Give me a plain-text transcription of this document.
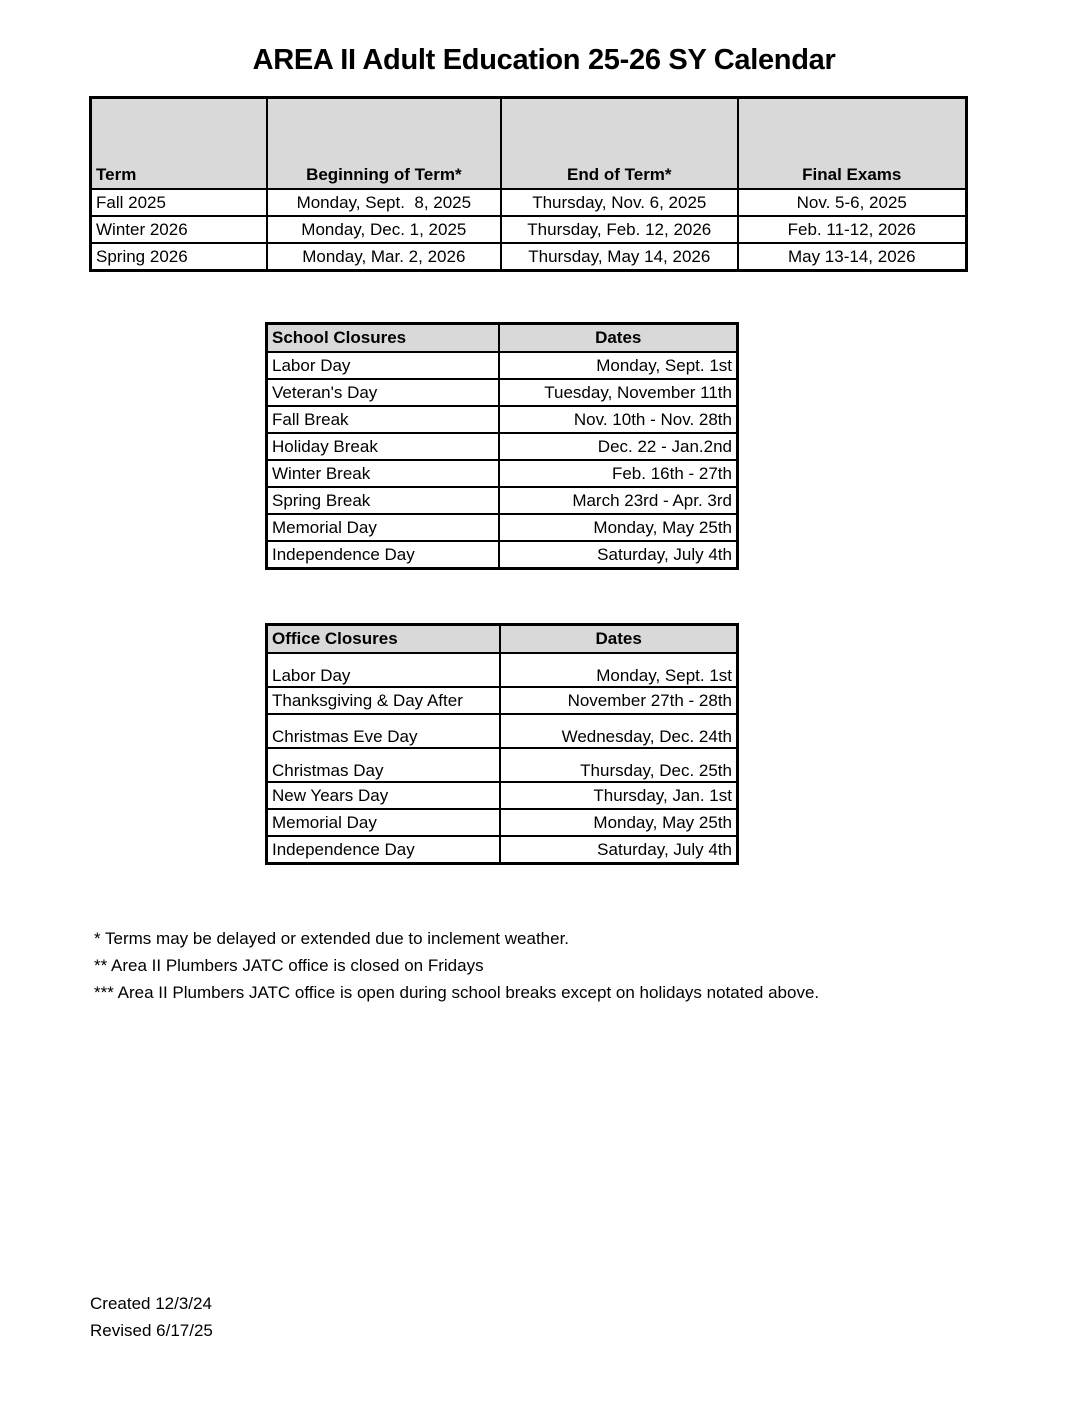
AREA II Adult Education 25-26 SY Calendar
Term	Beginning of Term*	End of Term*	Final Exams
Fall 2025	Monday, Sept.  8, 2025	Thursday, Nov. 6, 2025	Nov. 5-6, 2025
Winter 2026	Monday, Dec. 1, 2025	Thursday, Feb. 12, 2026	Feb. 11-12, 2026
Spring 2026	Monday, Mar. 2, 2026	Thursday, May 14, 2026	May 13-14, 2026
School Closures	Dates
Labor Day	Monday, Sept. 1st
Veteran's Day	Tuesday, November 11th
Fall Break	Nov. 10th - Nov. 28th
Holiday Break	Dec. 22 - Jan.2nd
Winter Break	Feb. 16th - 27th
Spring Break	March 23rd - Apr. 3rd
Memorial Day	Monday, May 25th
Independence Day	Saturday, July 4th
Office Closures	Dates
Labor Day	Monday, Sept. 1st
Thanksgiving & Day After	November 27th - 28th
Christmas Eve Day	Wednesday, Dec. 24th
Christmas Day	Thursday, Dec. 25th
New Years Day	Thursday, Jan. 1st
Memorial Day	Monday, May 25th
Independence Day	Saturday, July 4th
* Terms may be delayed or extended due to inclement weather.
** Area II Plumbers JATC office is closed on Fridays
*** Area II Plumbers JATC office is open during school breaks except on holidays notated above.
Created 12/3/24
Revised 6/17/25
